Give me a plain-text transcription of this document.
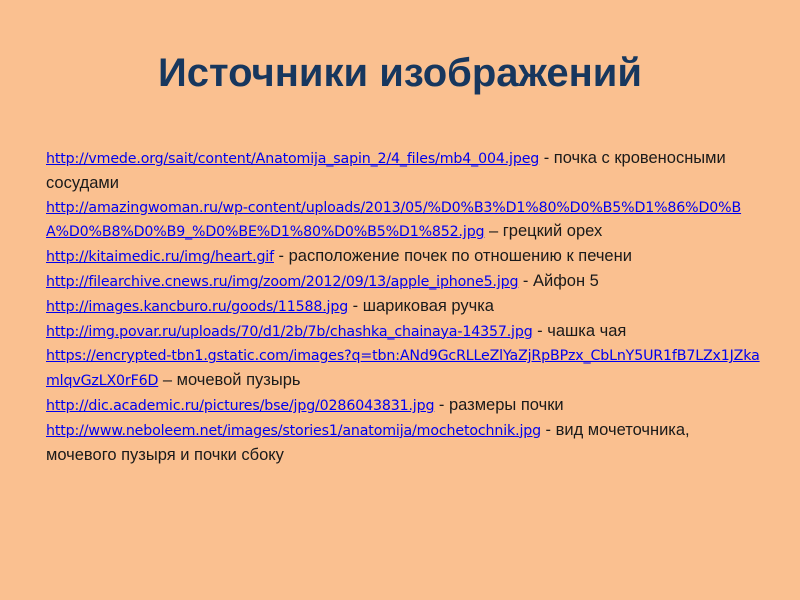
Источники изображений
http://vmede.org/sait/content/Anatomija_sapin_2/4_files/mb4_004.jpeg - почка с кровеносными сосудами
http://amazingwoman.ru/wp-content/uploads/2013/05/%D0%B3%D1%80%D0%B5%D1%86%D0%BA%D0%B8%D0%B9_%D0%BE%D1%80%D0%B5%D1%852.jpg – грецкий орех
http://kitaimedic.ru/img/heart.gif - расположение почек по отношению к печени
http://filearchive.cnews.ru/img/zoom/2012/09/13/apple_iphone5.jpg - Айфон 5
http://images.kancburo.ru/goods/11588.jpg - шариковая ручка
http://img.povar.ru/uploads/70/d1/2b/7b/chashka_chainaya-14357.jpg - чашка чая
https://encrypted-tbn1.gstatic.com/images?q=tbn:ANd9GcRLLeZlYaZjRpBPzx_CbLnY5UR1fB7LZx1JZkamlqvGzLX0rF6D – мочевой пузырь
http://dic.academic.ru/pictures/bse/jpg/0286043831.jpg - размеры почки
http://www.neboleem.net/images/stories1/anatomija/mochetochnik.jpg - вид мочеточника, мочевого пузыря и почки сбоку
